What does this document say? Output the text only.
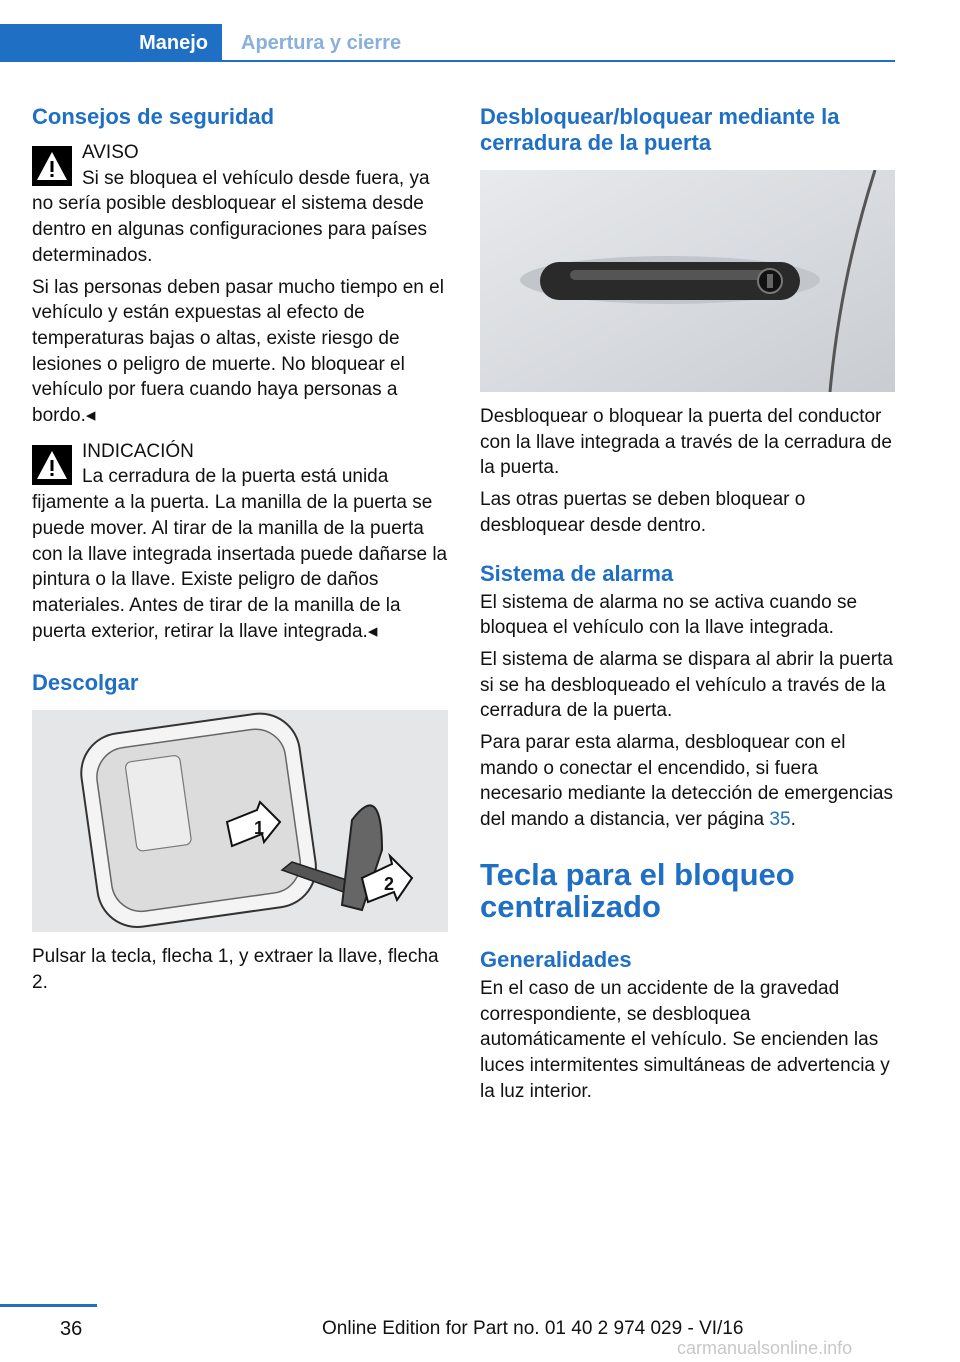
Manejo	Apertura y cierre
Consejos de seguridad

AVISO

Si se bloquea el vehículo desde fuera, ya no sería posible desbloquear el sistema desde dentro en algunas configuraciones para países determinados.

Si las personas deben pasar mucho tiempo en el vehículo y están expuestas al efecto de temperaturas bajas o altas, existe riesgo de lesiones o peligro de muerte. No bloquear el vehículo por fuera cuando haya personas a bordo.◂

INDICACIÓN

La cerradura de la puerta está unida fijamente a la puerta. La manilla de la puerta se puede mover. Al tirar de la manilla de la puerta con la llave integrada insertada puede dañarse la pintura o la llave. Existe peligro de daños materiales. Antes de tirar de la manilla de la puerta exterior, retirar la llave integrada.◂

Descolgar
1
2

Pulsar la tecla, flecha 1, y extraer la llave, flecha 2.

Desbloquear/bloquear mediante la cerradura de la puerta

Desbloquear o bloquear la puerta del conductor con la llave integrada a través de la cerradura de la puerta.

Las otras puertas se deben bloquear o desbloquear desde dentro.

Sistema de alarma

El sistema de alarma no se activa cuando se bloquea el vehículo con la llave integrada.

El sistema de alarma se dispara al abrir la puerta si se ha desbloqueado el vehículo a través de la cerradura de la puerta.

Para parar esta alarma, desbloquear con el mando o conectar el encendido, si fuera necesario mediante la detección de emergencias del mando a distancia, ver página 35.

Tecla para el bloqueo centralizado
Generalidades

En el caso de un accidente de la gravedad correspondiente, se desbloquea automáticamente el vehículo. Se encienden las luces intermitentes simultáneas de advertencia y la luz interior.

36	Online Edition for Part no. 01 40 2 974 029 - VI/16
carmanualsonline.info
